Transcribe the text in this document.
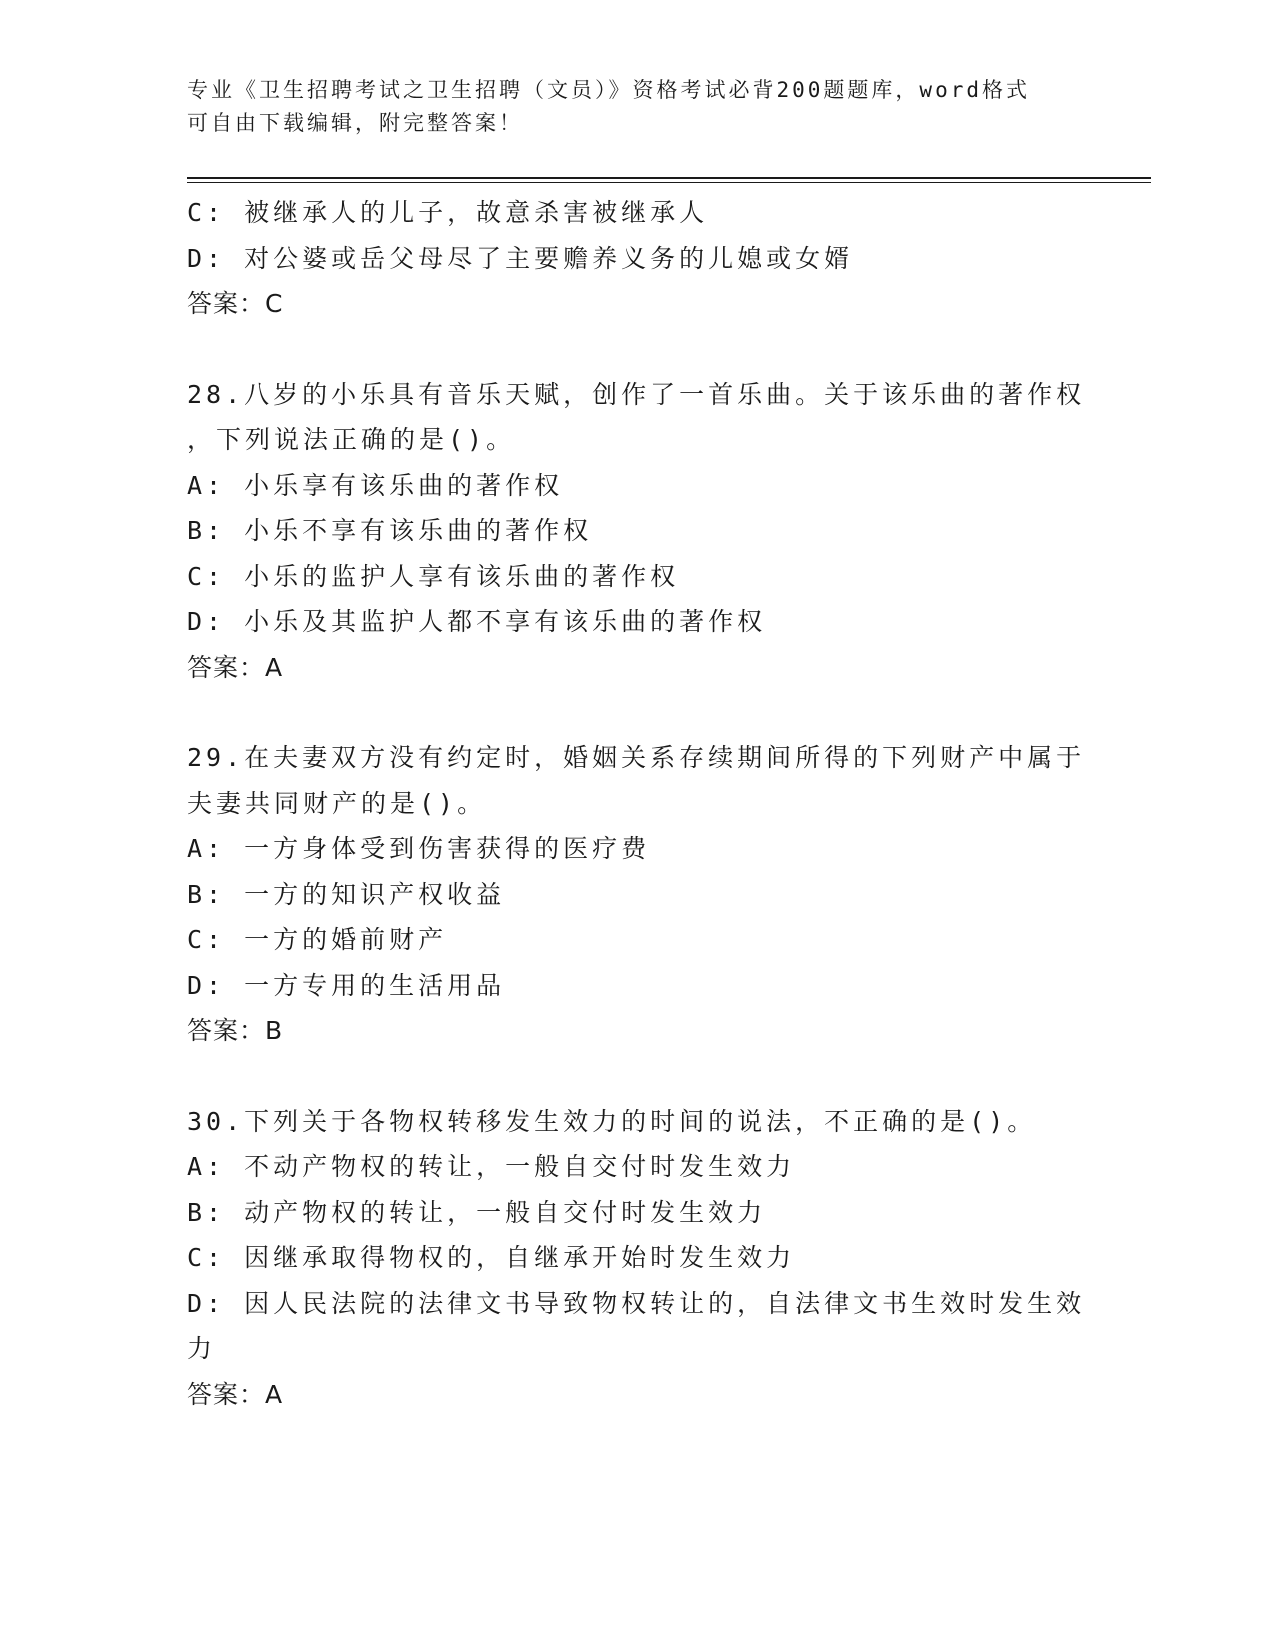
专业《卫生招聘考试之卫生招聘（文员）》资格考试必背200题题库，word格式
可自由下载编辑，附完整答案！
C: 被继承人的儿子，故意杀害被继承人
D: 对公婆或岳父母尽了主要赡养义务的儿媳或女婿
答案：C
28.八岁的小乐具有音乐天赋，创作了一首乐曲。关于该乐曲的著作权
，下列说法正确的是()。
A: 小乐享有该乐曲的著作权
B: 小乐不享有该乐曲的著作权
C: 小乐的监护人享有该乐曲的著作权
D: 小乐及其监护人都不享有该乐曲的著作权
答案：A
29.在夫妻双方没有约定时，婚姻关系存续期间所得的下列财产中属于
夫妻共同财产的是()。
A: 一方身体受到伤害获得的医疗费
B: 一方的知识产权收益
C: 一方的婚前财产
D: 一方专用的生活用品
答案：B
30.下列关于各物权转移发生效力的时间的说法，不正确的是()。
A: 不动产物权的转让，一般自交付时发生效力
B: 动产物权的转让，一般自交付时发生效力
C: 因继承取得物权的，自继承开始时发生效力
D: 因人民法院的法律文书导致物权转让的，自法律文书生效时发生效
力
答案：A
